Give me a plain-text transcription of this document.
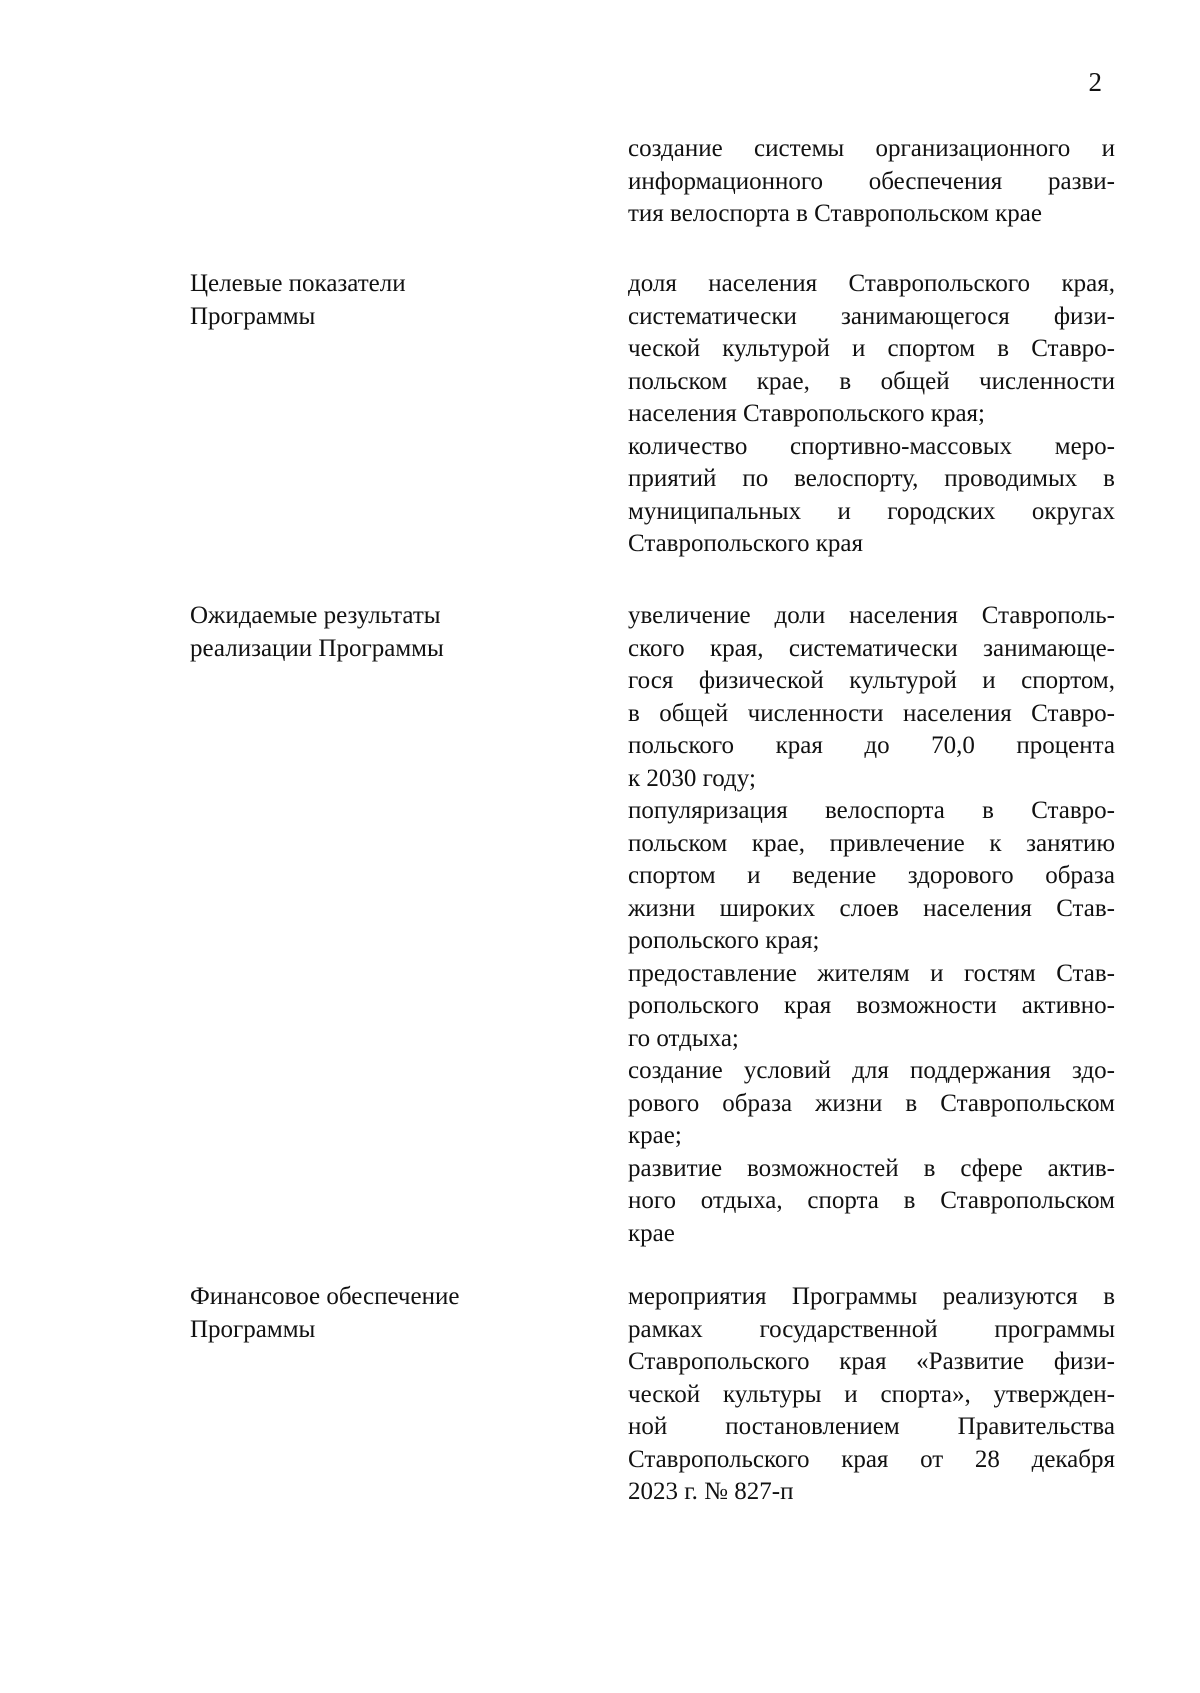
2
создание системы организационного и
информационного обеспечения разви-
тия велоспорта в Ставропольском крае
Целевые показатели
Программы
доля населения Ставропольского края,
систематически занимающегося физи-
ческой культурой и спортом в Ставро-
польском крае, в общей численности
населения Ставропольского края;
количество спортивно-массовых меро-
приятий по велоспорту, проводимых в
муниципальных и городских округах
Ставропольского края
Ожидаемые результаты
реализации Программы
увеличение доли населения Ставрополь-
ского края, систематически занимающе-
гося физической культурой и спортом,
в общей численности населения Ставро-
польского края до 70,0 процента
к 2030 году;
популяризация велоспорта в Ставро-
польском крае, привлечение к занятию
спортом и ведение здорового образа
жизни широких слоев населения Став-
ропольского края;
предоставление жителям и гостям Став-
ропольского края возможности активно-
го отдыха;
создание условий для поддержания здо-
рового образа жизни в Ставропольском
крае;
развитие возможностей в сфере актив-
ного отдыха, спорта в Ставропольском
крае
Финансовое обеспечение
Программы
мероприятия Программы реализуются в
рамках государственной программы
Ставропольского края «Развитие физи-
ческой культуры и спорта», утвержден-
ной постановлением Правительства
Ставропольского края от 28 декабря
2023 г. № 827-п
